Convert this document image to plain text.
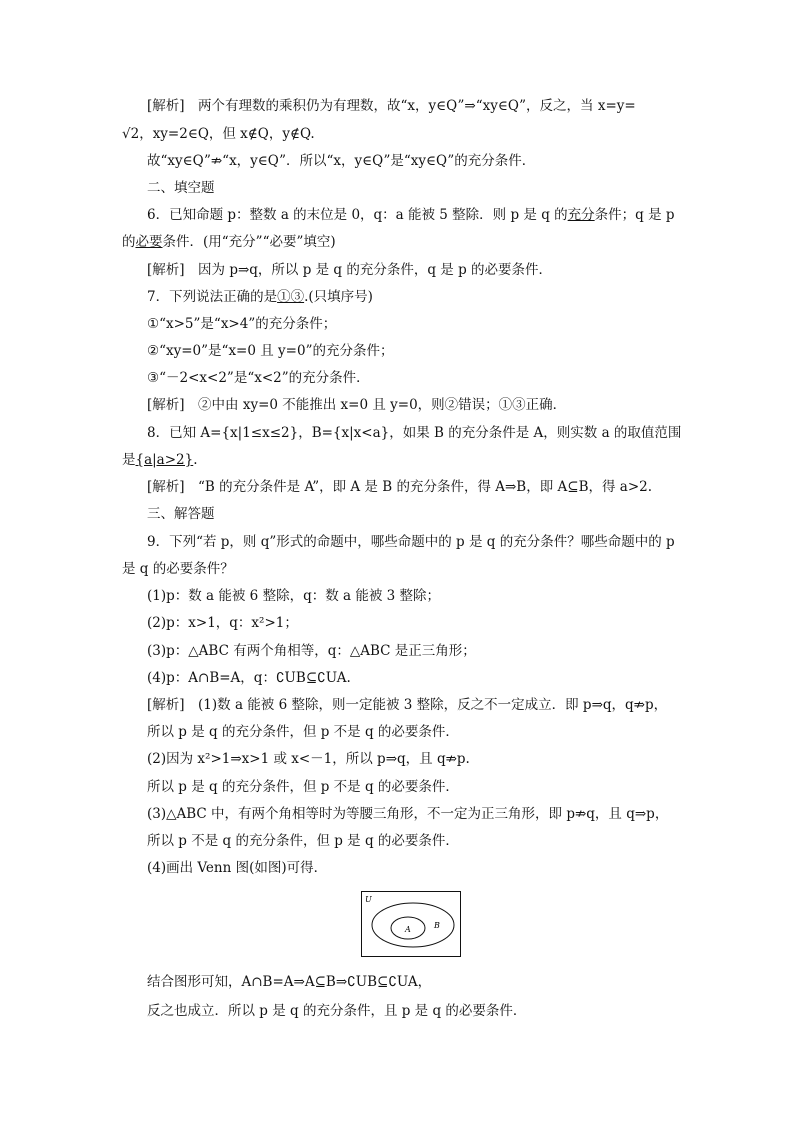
[解析]　两个有理数的乘积仍为有理数，故“x，y∈Q”⇒“xy∈Q”，反之，当 x=y=
√2，xy=2∈Q，但 x∉Q，y∉Q.
故“xy∈Q”⇏“x，y∈Q”．所以“x，y∈Q”是“xy∈Q”的充分条件．
二、填空题
6．已知命题 p：整数 a 的末位是 0，q：a 能被 5 整除．则 p 是 q 的充分条件；q 是 p
的必要条件．(用“充分”“必要”填空)
[解析]　因为 p⇒q，所以 p 是 q 的充分条件，q 是 p 的必要条件．
7．下列说法正确的是①③.(只填序号)
①“x>5”是“x>4”的充分条件；
②“xy=0”是“x=0 且 y=0”的充分条件；
③“－2<x<2”是“x<2”的充分条件．
[解析]　②中由 xy=0 不能推出 x=0 且 y=0，则②错误；①③正确．
8．已知 A={x|1≤x≤2}，B={x|x<a}，如果 B 的充分条件是 A，则实数 a 的取值范围
是{a|a>2}.
[解析]　“B 的充分条件是 A”，即 A 是 B 的充分条件，得 A⇒B，即 A⊆B，得 a>2.
三、解答题
9．下列“若 p，则 q”形式的命题中，哪些命题中的 p 是 q 的充分条件？哪些命题中的 p
是 q 的必要条件？
(1)p：数 a 能被 6 整除，q：数 a 能被 3 整除；
(2)p：x>1，q：x²>1；
(3)p：△ABC 有两个角相等，q：△ABC 是正三角形；
(4)p：A∩B=A，q：∁UB⊆∁UA.
[解析]　(1)数 a 能被 6 整除，则一定能被 3 整除，反之不一定成立．即 p⇒q，q⇏p，
所以 p 是 q 的充分条件，但 p 不是 q 的必要条件．
(2)因为 x²>1⇒x>1 或 x<－1，所以 p⇒q，且 q⇏p.
所以 p 是 q 的充分条件，但 p 不是 q 的必要条件．
(3)△ABC 中，有两个角相等时为等腰三角形，不一定为正三角形，即 p⇏q，且 q⇒p，
所以 p 不是 q 的充分条件，但 p 是 q 的必要条件．
(4)画出 Venn 图(如图)可得．
U
A	B
结合图形可知，A∩B=A⇒A⊆B⇒∁UB⊆∁UA，
反之也成立．所以 p 是 q 的充分条件，且 p 是 q 的必要条件．
